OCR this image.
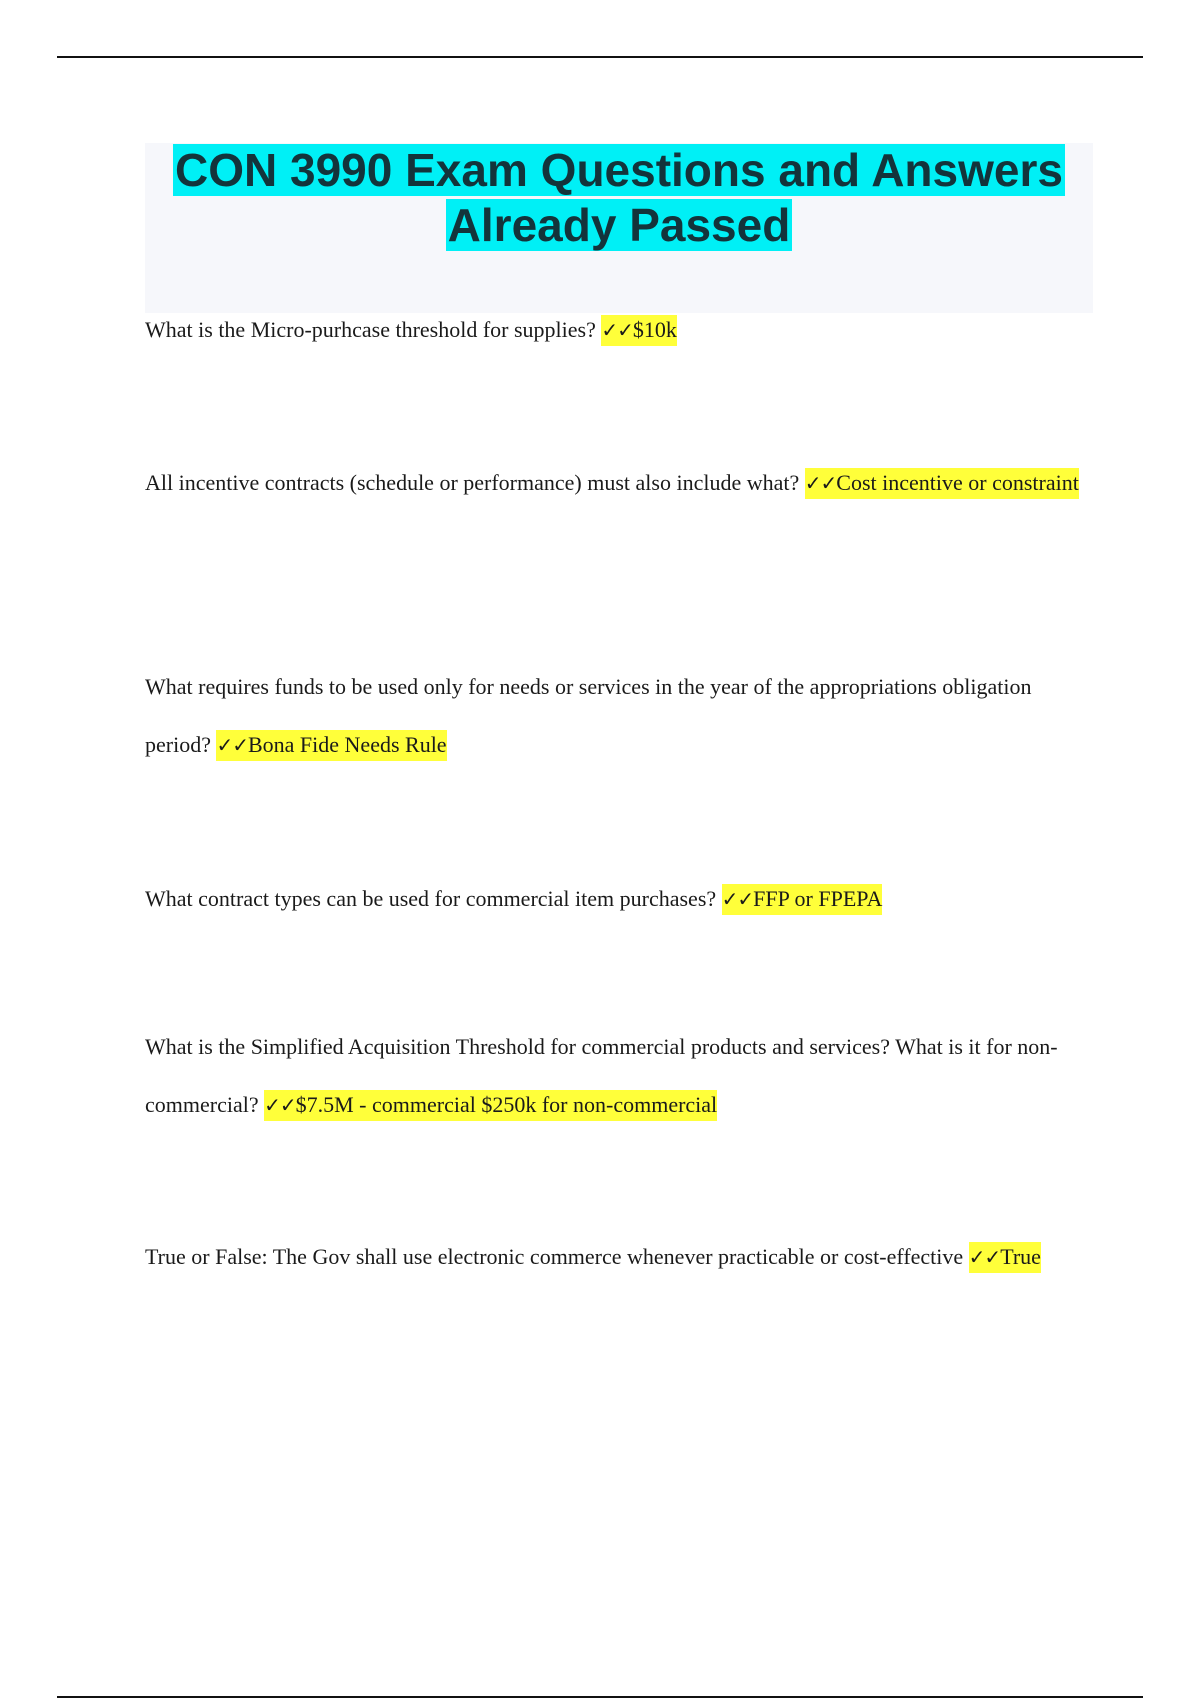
CON 3990 Exam Questions and Answers
Already Passed

What is the Micro-purhcase threshold for supplies? ✓✓$10k

All incentive contracts (schedule or performance) must also include what? ✓✓Cost incentive or constraint

What requires funds to be used only for needs or services in the year of the appropriations obligation period? ✓✓Bona Fide Needs Rule

What contract types can be used for commercial item purchases? ✓✓FFP or FPEPA

What is the Simplified Acquisition Threshold for commercial products and services? What is it for non-commercial? ✓✓$7.5M - commercial $250k for non-commercial

True or False: The Gov shall use electronic commerce whenever practicable or cost-effective ✓✓True
